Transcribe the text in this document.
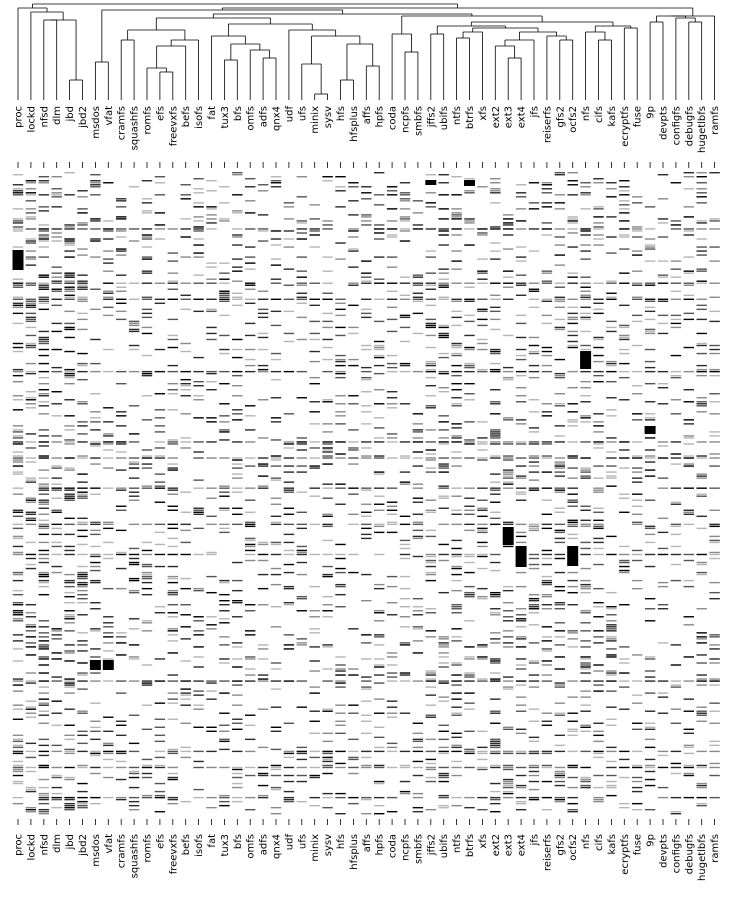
proc lockd nfsd dlm jbd jbd2 msdos vfat cramfs squashfs romfs efs freevxfs befs isofs fat tux3 bfs omfs adfs qnx4 udf ufs minix sysv hfs hfsplus affs hpfs coda ncpfs smbfs jffs2 ubifs ntfs btrfs xfs ext2 ext3 ext4 jfs reiserfs gfs2 ocfs2 nfs cifs kafs ecryptfs fuse 9p devpts configfs debugfs hugetlbfs ramfs
proc lockd nfsd dlm jbd jbd2 msdos vfat cramfs squashfs romfs efs freevxfs befs isofs fat tux3 bfs omfs adfs qnx4 udf ufs minix sysv hfs hfsplus affs hpfs coda ncpfs smbfs jffs2 ubifs ntfs btrfs xfs ext2 ext3 ext4 jfs reiserfs gfs2 ocfs2 nfs cifs kafs ecryptfs fuse 9p devpts configfs debugfs hugetlbfs ramfs
